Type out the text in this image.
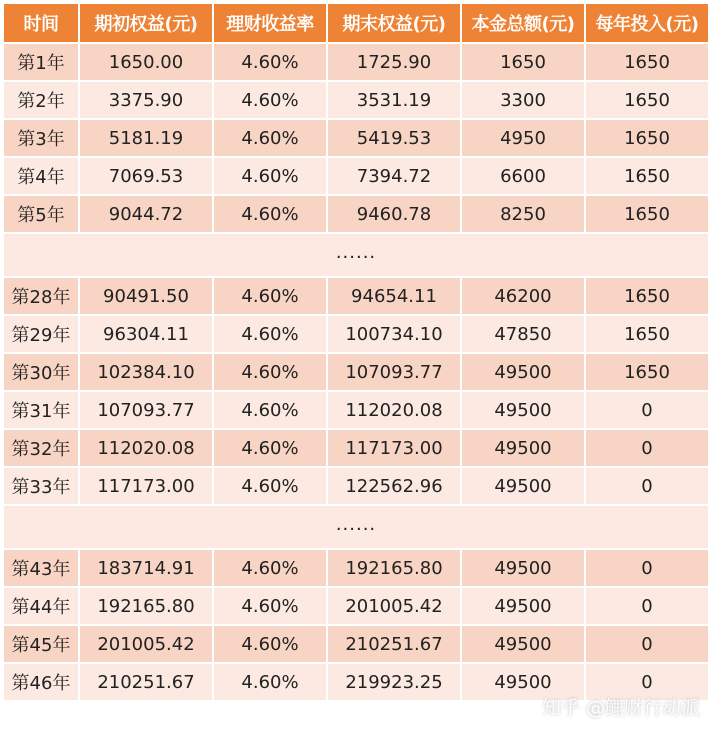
时间	期初权益(元)	理财收益率	期末权益(元)	本金总额(元)	每年投入(元)
第1年	1650.00	4.60%	1725.90	1650	1650
第2年	3375.90	4.60%	3531.19	3300	1650
第3年	5181.19	4.60%	5419.53	4950	1650
第4年	7069.53	4.60%	7394.72	6600	1650
第5年	9044.72	4.60%	9460.78	8250	1650
......					
第28年	90491.50	4.60%	94654.11	46200	1650
第29年	96304.11	4.60%	100734.10	47850	1650
第30年	102384.10	4.60%	107093.77	49500	1650
第31年	107093.77	4.60%	112020.08	49500	0
第32年	112020.08	4.60%	117173.00	49500	0
第33年	117173.00	4.60%	122562.96	49500	0
......					
第43年	183714.91	4.60%	192165.80	49500	0
第44年	192165.80	4.60%	201005.42	49500	0
第45年	201005.42	4.60%	210251.67	49500	0
第46年	210251.67	4.60%	219923.25	49500	0
知乎 @鲤财行动派
